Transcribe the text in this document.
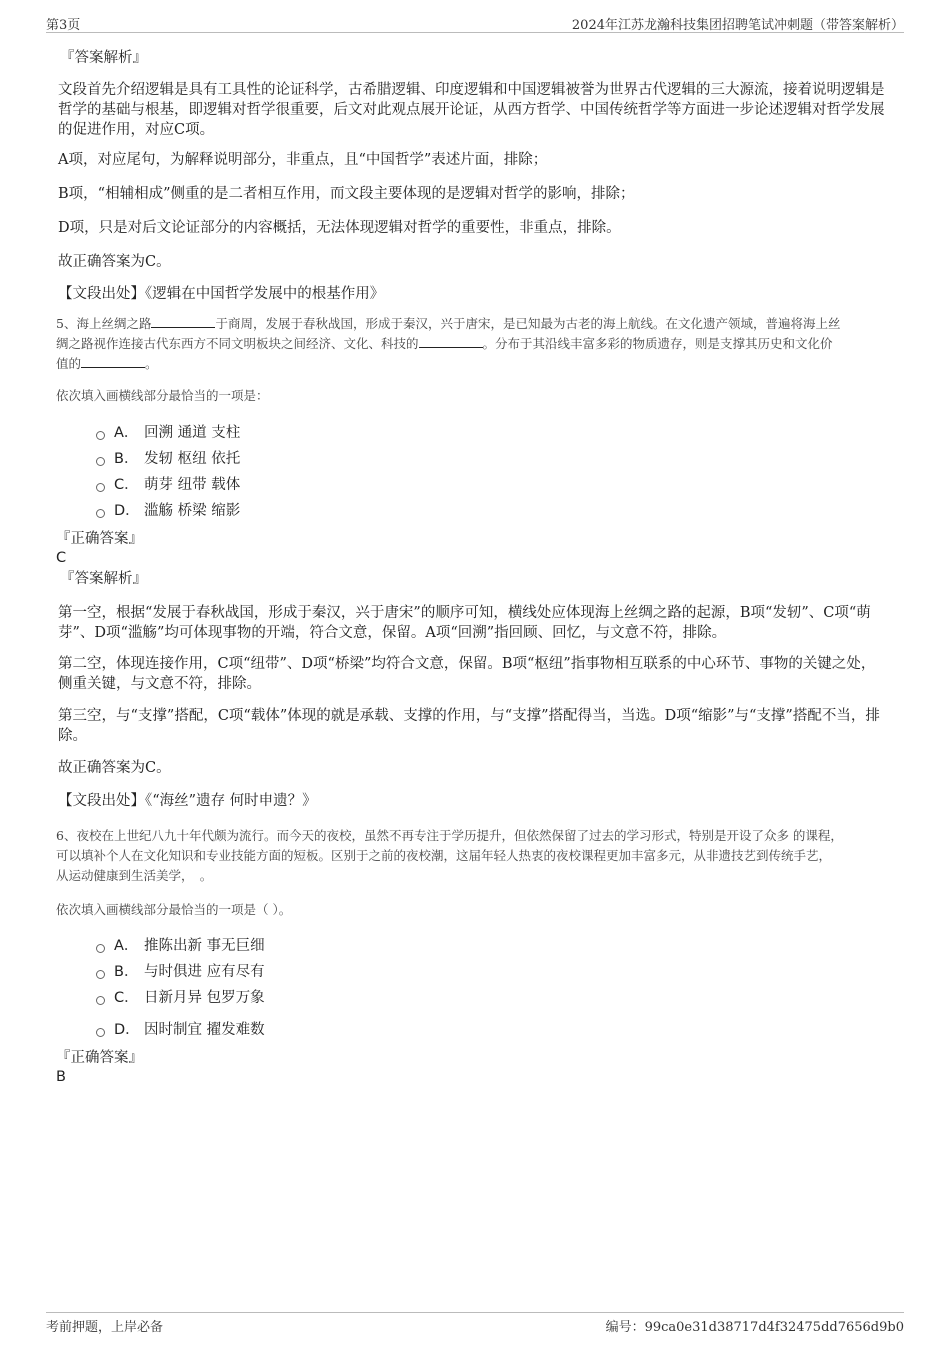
第3页	2024年江苏龙瀚科技集团招聘笔试冲刺题（带答案解析）
『答案解析』
文段首先介绍逻辑是具有工具性的论证科学，古希腊逻辑、印度逻辑和中国逻辑被誉为世界古代逻辑的三大源流，接着说明逻辑是哲学的基础与根基，即逻辑对哲学很重要，后文对此观点展开论证，从西方哲学、中国传统哲学等方面进一步论述逻辑对哲学发展的促进作用，对应C项。
A项，对应尾句，为解释说明部分，非重点，且“中国哲学”表述片面，排除；
B项，“相辅相成”侧重的是二者相互作用，而文段主要体现的是逻辑对哲学的影响，排除；
D项，只是对后文论证部分的内容概括，无法体现逻辑对哲学的重要性，非重点，排除。
故正确答案为C。
【文段出处】《逻辑在中国哲学发展中的根基作用》
5、海上丝绸之路	于商周，发展于春秋战国，形成于秦汉，兴于唐宋，是已知最为古老的海上航线。在文化遗产领域，普遍将海上丝
绸之路视作连接古代东西方不同文明板块之间经济、文化、科技的	。分布于其沿线丰富多彩的物质遗存，则是支撑其历史和文化价
值的	。
依次填入画横线部分最恰当的一项是：
A． 回溯 通道 支柱
B． 发轫 枢纽 依托
C． 萌芽 纽带 载体
D． 滥觞 桥梁 缩影
『正确答案』
C
『答案解析』
第一空，根据“发展于春秋战国，形成于秦汉，兴于唐宋”的顺序可知，横线处应体现海上丝绸之路的起源，B项“发轫”、C项“萌芽”、D项“滥觞”均可体现事物的开端，符合文意，保留。A项“回溯”指回顾、回忆，与文意不符，排除。
第二空，体现连接作用，C项“纽带”、D项“桥梁”均符合文意，保留。B项“枢纽”指事物相互联系的中心环节、事物的关键之处，侧重关键，与文意不符，排除。
第三空，与“支撑”搭配，C项“载体”体现的就是承载、支撑的作用，与“支撑”搭配得当，当选。D项“缩影”与“支撑”搭配不当，排除。
故正确答案为C。
【文段出处】《“海丝”遗存 何时申遗？》
6、夜校在上世纪八九十年代颇为流行。而今天的夜校，虽然不再专注于学历提升，但依然保留了过去的学习形式，特别是开设了众多 的课程，
可以填补个人在文化知识和专业技能方面的短板。区别于之前的夜校潮，这届年轻人热衷的夜校课程更加丰富多元，从非遗技艺到传统手艺，
从运动健康到生活美学，　。
依次填入画横线部分最恰当的一项是（ ）。
A． 推陈出新 事无巨细
B． 与时俱进 应有尽有
C． 日新月异 包罗万象
D． 因时制宜 擢发难数
『正确答案』
B
考前押题，上岸必备	编号：99ca0e31d38717d4f32475dd7656d9b0
